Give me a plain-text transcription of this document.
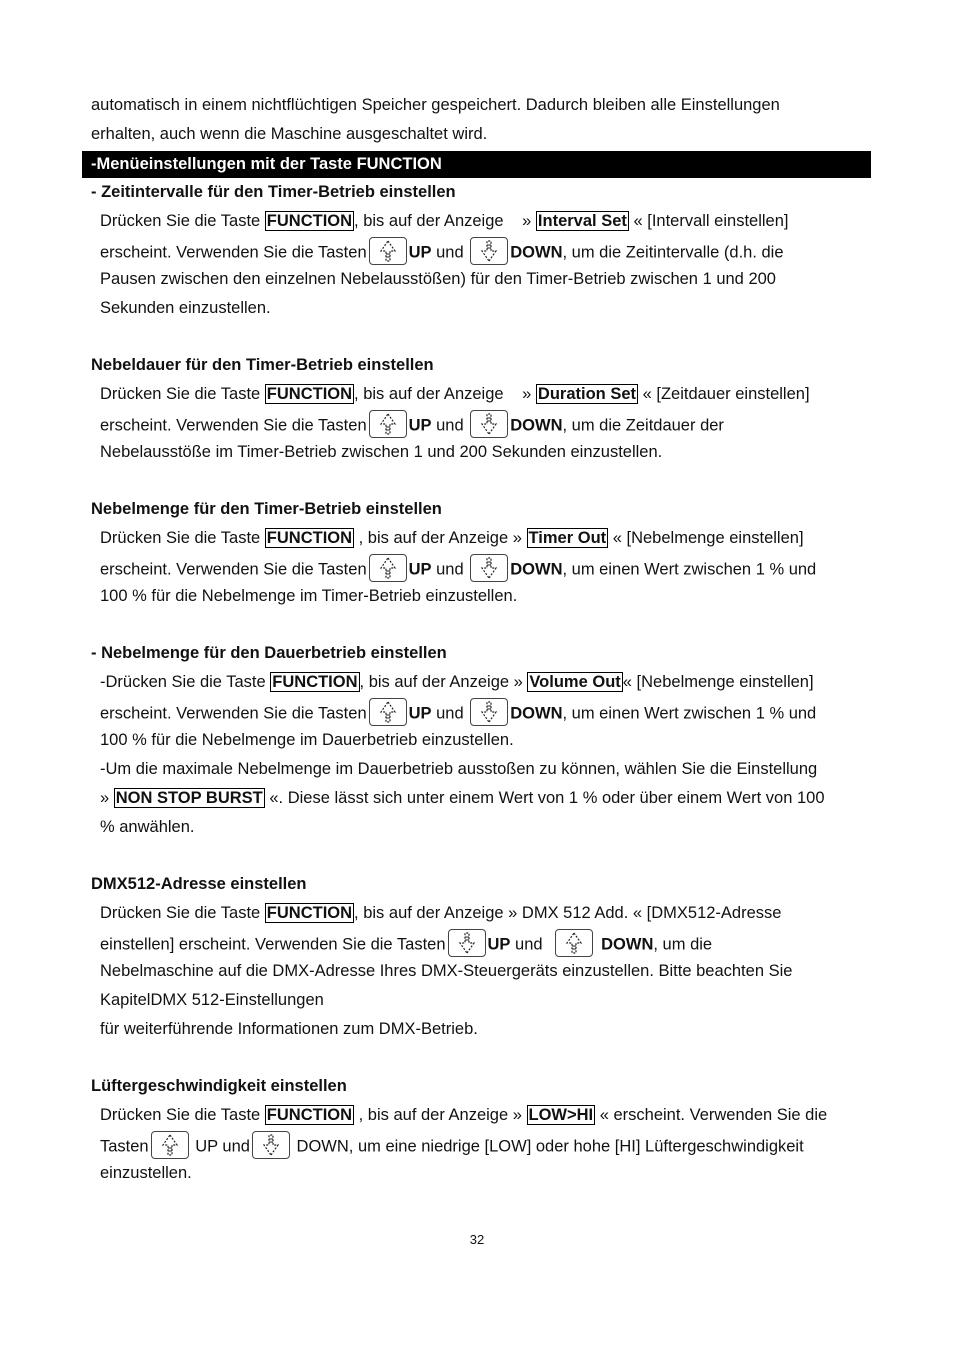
automatisch in einem nichtflüchtigen Speicher gespeichert. Dadurch bleiben alle Einstellungen
erhalten, auch wenn die Maschine ausgeschaltet wird.
-Menüeinstellungen mit der Taste FUNCTION
- Zeitintervalle für den Timer-Betrieb einstellen
Drücken Sie die Taste FUNCTION , bis auf der Anzeige » Interval Set « [Intervall einstellen]
erscheint. Verwenden Sie die Tasten	UP und	DOWN, um die Zeitintervalle (d.h. die
Pausen zwischen den einzelnen Nebelausstößen) für den Timer-Betrieb zwischen 1 und 200
Sekunden einzustellen.
Nebeldauer für den Timer-Betrieb einstellen
Drücken Sie die Taste FUNCTION , bis auf der Anzeige » Duration Set « [Zeitdauer einstellen]
erscheint. Verwenden Sie die Tasten	UP und	DOWN, um die Zeitdauer der
Nebelausstöße im Timer-Betrieb zwischen 1 und 200 Sekunden einzustellen.
Nebelmenge für den Timer-Betrieb einstellen
Drücken Sie die Taste FUNCTION , bis auf der Anzeige » Timer Out « [Nebelmenge einstellen]
erscheint. Verwenden Sie die Tasten	UP und	DOWN, um einen Wert zwischen 1 % und
100 % für die Nebelmenge im Timer-Betrieb einzustellen.
- Nebelmenge für den Dauerbetrieb einstellen
-Drücken Sie die Taste FUNCTION , bis auf der Anzeige » Volume Out « [Nebelmenge einstellen]
erscheint. Verwenden Sie die Tasten	UP und	DOWN, um einen Wert zwischen 1 % und
100 % für die Nebelmenge im Dauerbetrieb einzustellen.
-Um die maximale Nebelmenge im Dauerbetrieb ausstoßen zu können, wählen Sie die Einstellung
» NON STOP BURST «. Diese lässt sich unter einem Wert von 1 % oder über einem Wert von 100
% anwählen.
DMX512-Adresse einstellen
Drücken Sie die Taste FUNCTION , bis auf der Anzeige » DMX 512 Add. « [DMX512-Adresse
einstellen] erscheint. Verwenden Sie die Tasten	UP und	DOWN, um die
Nebelmaschine auf die DMX-Adresse Ihres DMX-Steuergeräts einzustellen. Bitte beachten Sie
KapitelDMX 512-Einstellungen
für weiterführende Informationen zum DMX-Betrieb.
Lüftergeschwindigkeit einstellen
Drücken Sie die Taste FUNCTION , bis auf der Anzeige » LOW>HI « erscheint. Verwenden Sie die
Tasten	UP und	DOWN, um eine niedrige [LOW] oder hohe [HI] Lüftergeschwindigkeit
einzustellen.
32
